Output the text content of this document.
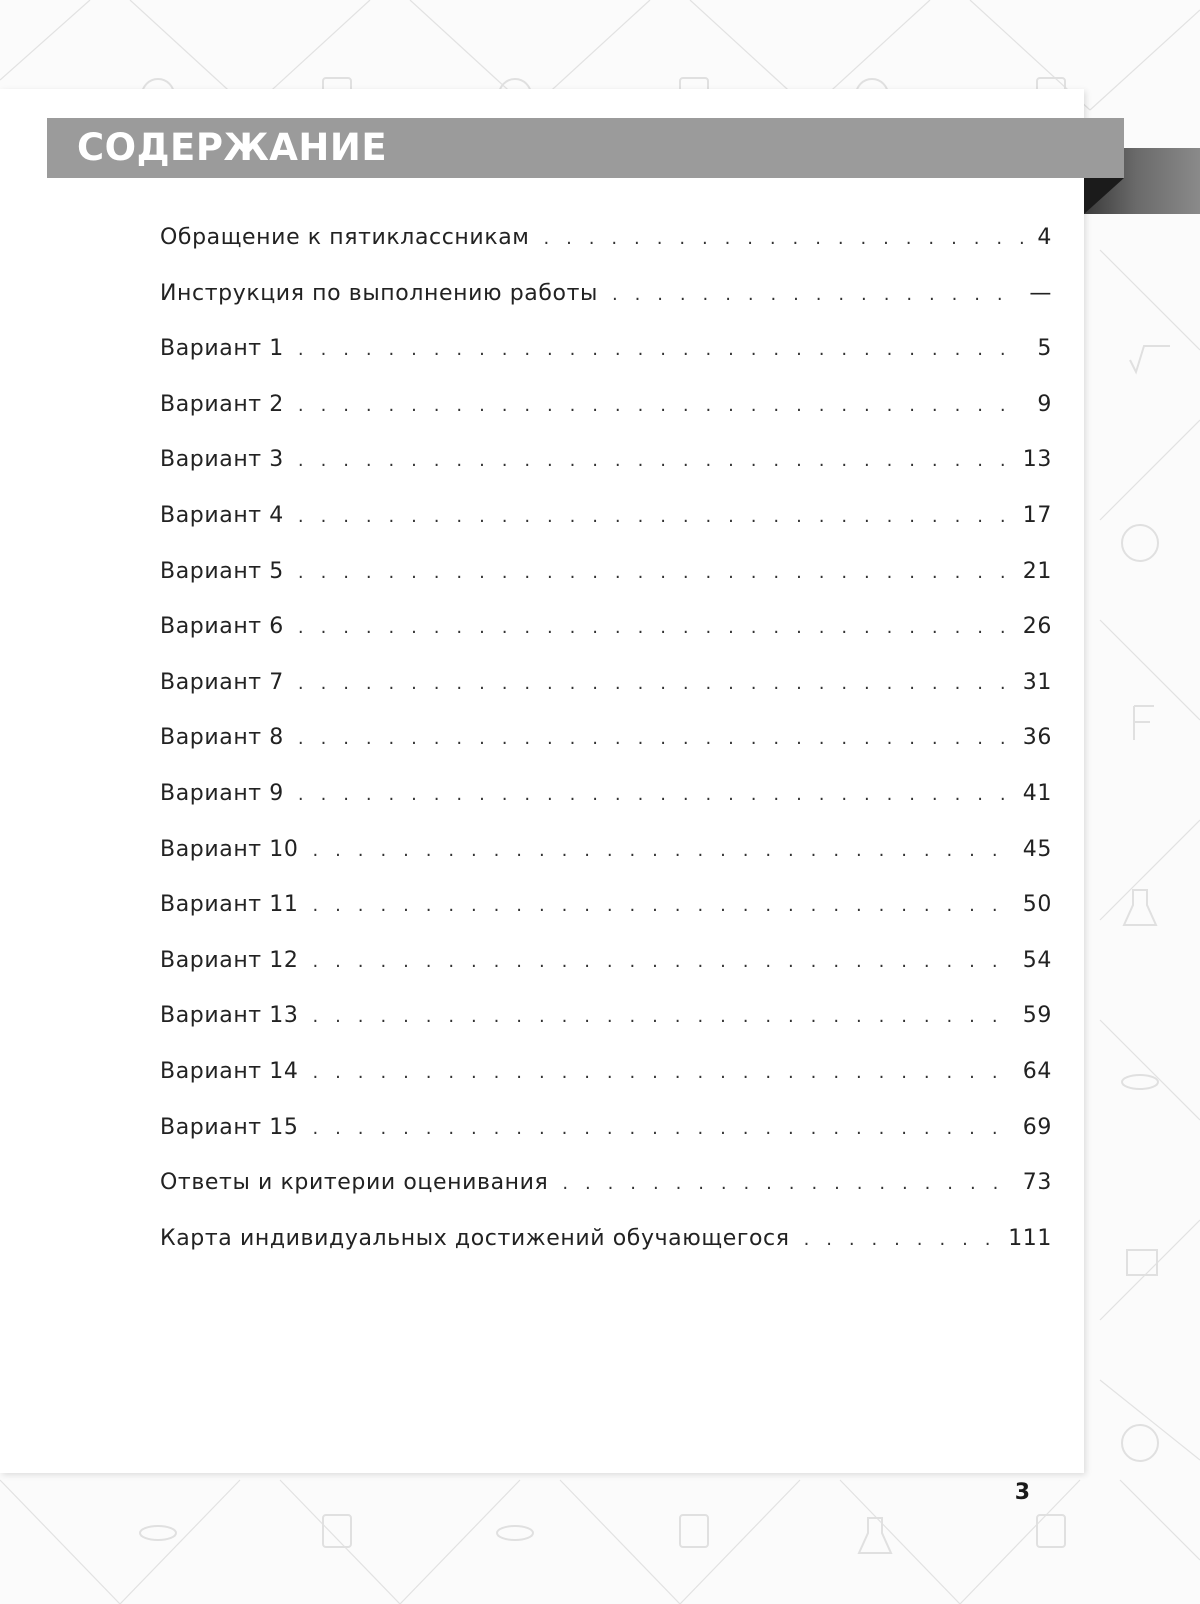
СОДЕРЖАНИЕ
Обращение к пятиклассникам . . .	4
Инструкция по выполнению работы . . .	—
Вариант 1 . . .	5
Вариант 2 . . .	9
Вариант 3 . . .	13
Вариант 4 . . .	17
Вариант 5 . . .	21
Вариант 6 . . .	26
Вариант 7 . . .	31
Вариант 8 . . .	36
Вариант 9 . . .	41
Вариант 10 . . .	45
Вариант 11 . . .	50
Вариант 12 . . .	54
Вариант 13 . . .	59
Вариант 14 . . .	64
Вариант 15 . . .	69
Ответы и критерии оценивания . . .	73
Карта индивидуальных достижений обучающегося . . .	111
3
